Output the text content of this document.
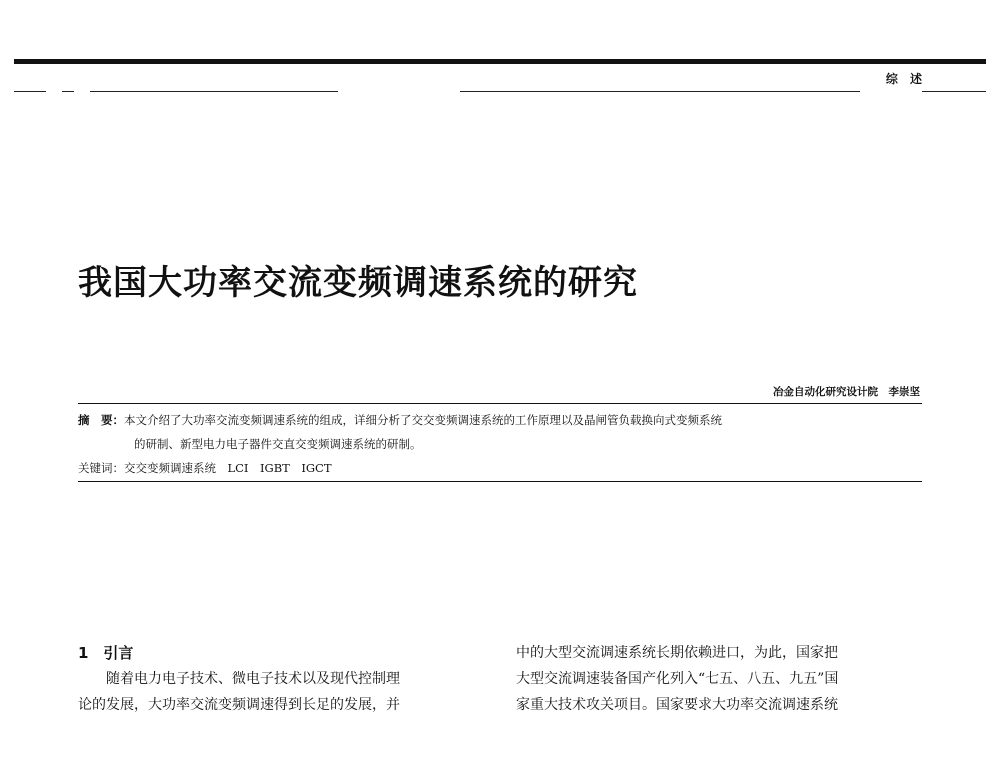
综 述
我国大功率交流变频调速系统的研究
冶金自动化研究设计院　李崇坚
摘　要：本文介绍了大功率交流变频调速系统的组成，详细分析了交交变频调速系统的工作原理以及晶闸管负载换向式变频系统
的研制、新型电力电子器件交直交变频调速系统的研制。
关键词：交交变频调速系统　LCI　IGBT　IGCT
1　引言

随着电力电子技术、微电子技术以及现代控制理

论的发展，大功率交流变频调速得到长足的发展，并

中的大型交流调速系统长期依赖进口，为此，国家把

大型交流调速装备国产化列入“七五、八五、九五”国

家重大技术攻关项目。国家要求大功率交流调速系统
